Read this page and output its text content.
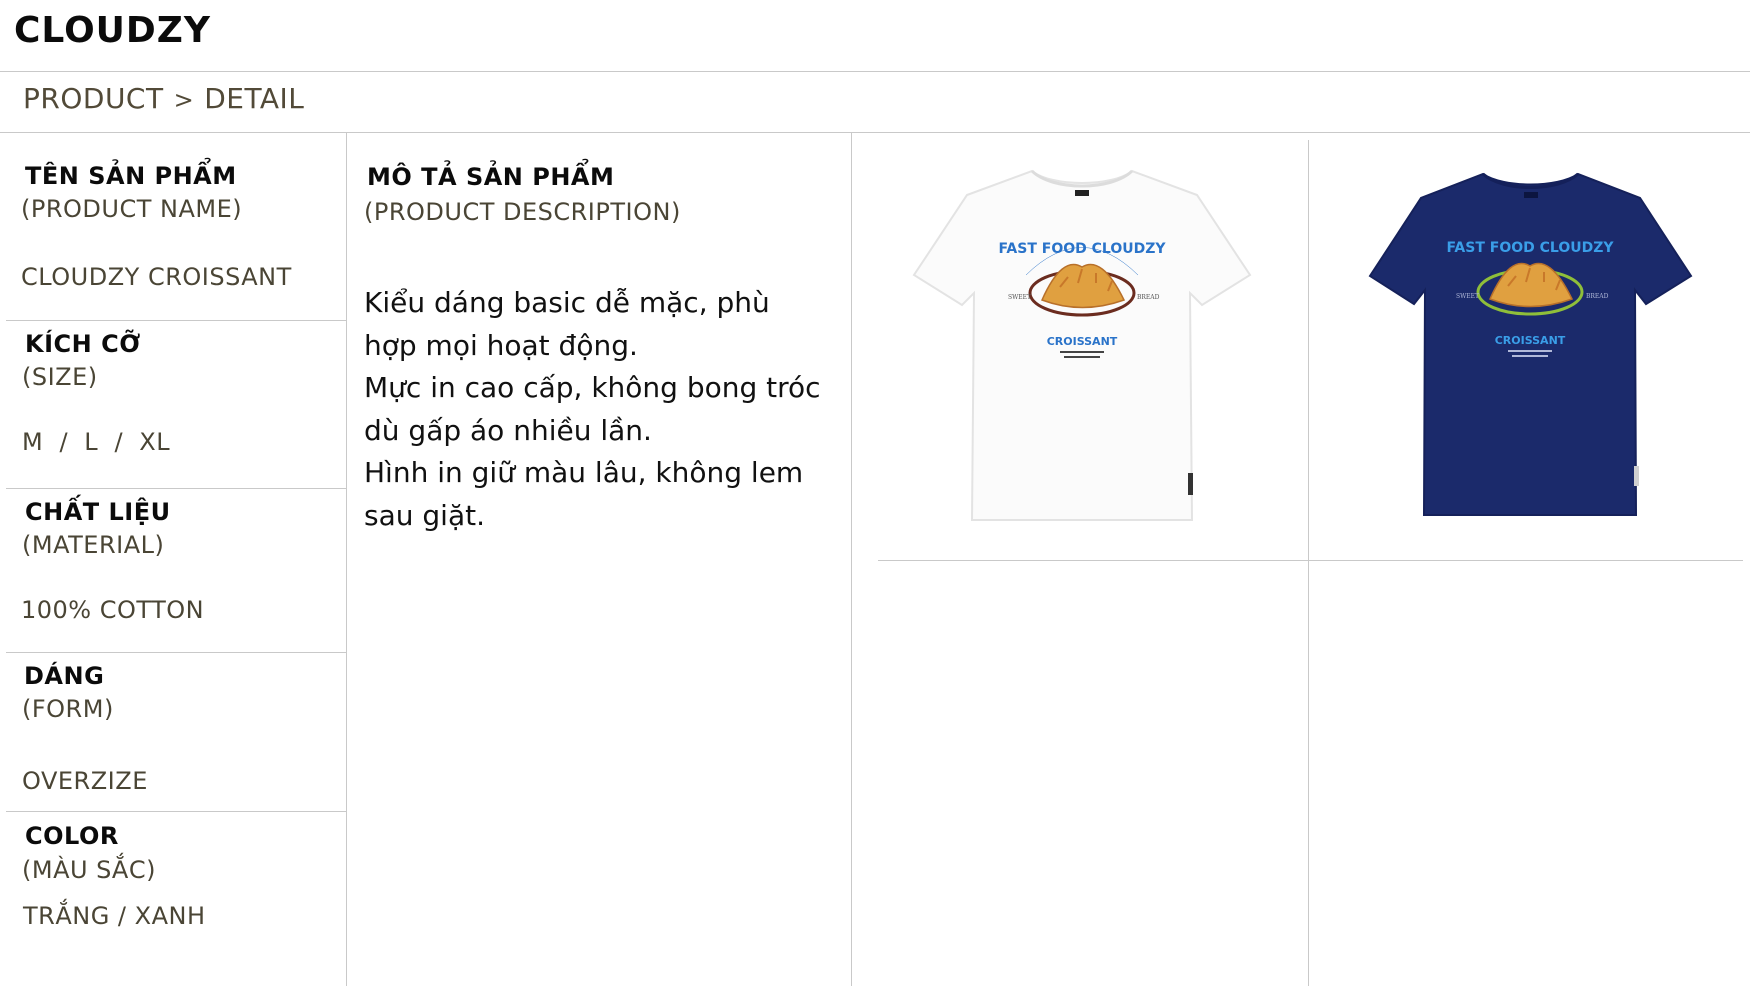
CLOUDZY
PRODUCT > DETAIL
TÊN SẢN PHẨM
(PRODUCT NAME)
CLOUDZY CROISSANT
KÍCH CỠ
(SIZE)
M  /  L  /  XL
CHẤT LIỆU
(MATERIAL)
100% COTTON
DÁNG
(FORM)
OVERZIZE
COLOR
(MÀU SẮC)
TRẮNG / XANH
MÔ TẢ SẢN PHẨM
(PRODUCT DESCRIPTION)

Kiểu dáng basic dễ mặc, phù hợp mọi hoạt động.

Mực in cao cấp, không bong tróc dù gấp áo nhiều lần.

Hình in giữ màu lâu, không lem sau giặt.

FAST FOOD CLOUDZY
SWEET	BREAD
CROISSANT
FAST FOOD CLOUDZY
SWEET	BREAD
CROISSANT
